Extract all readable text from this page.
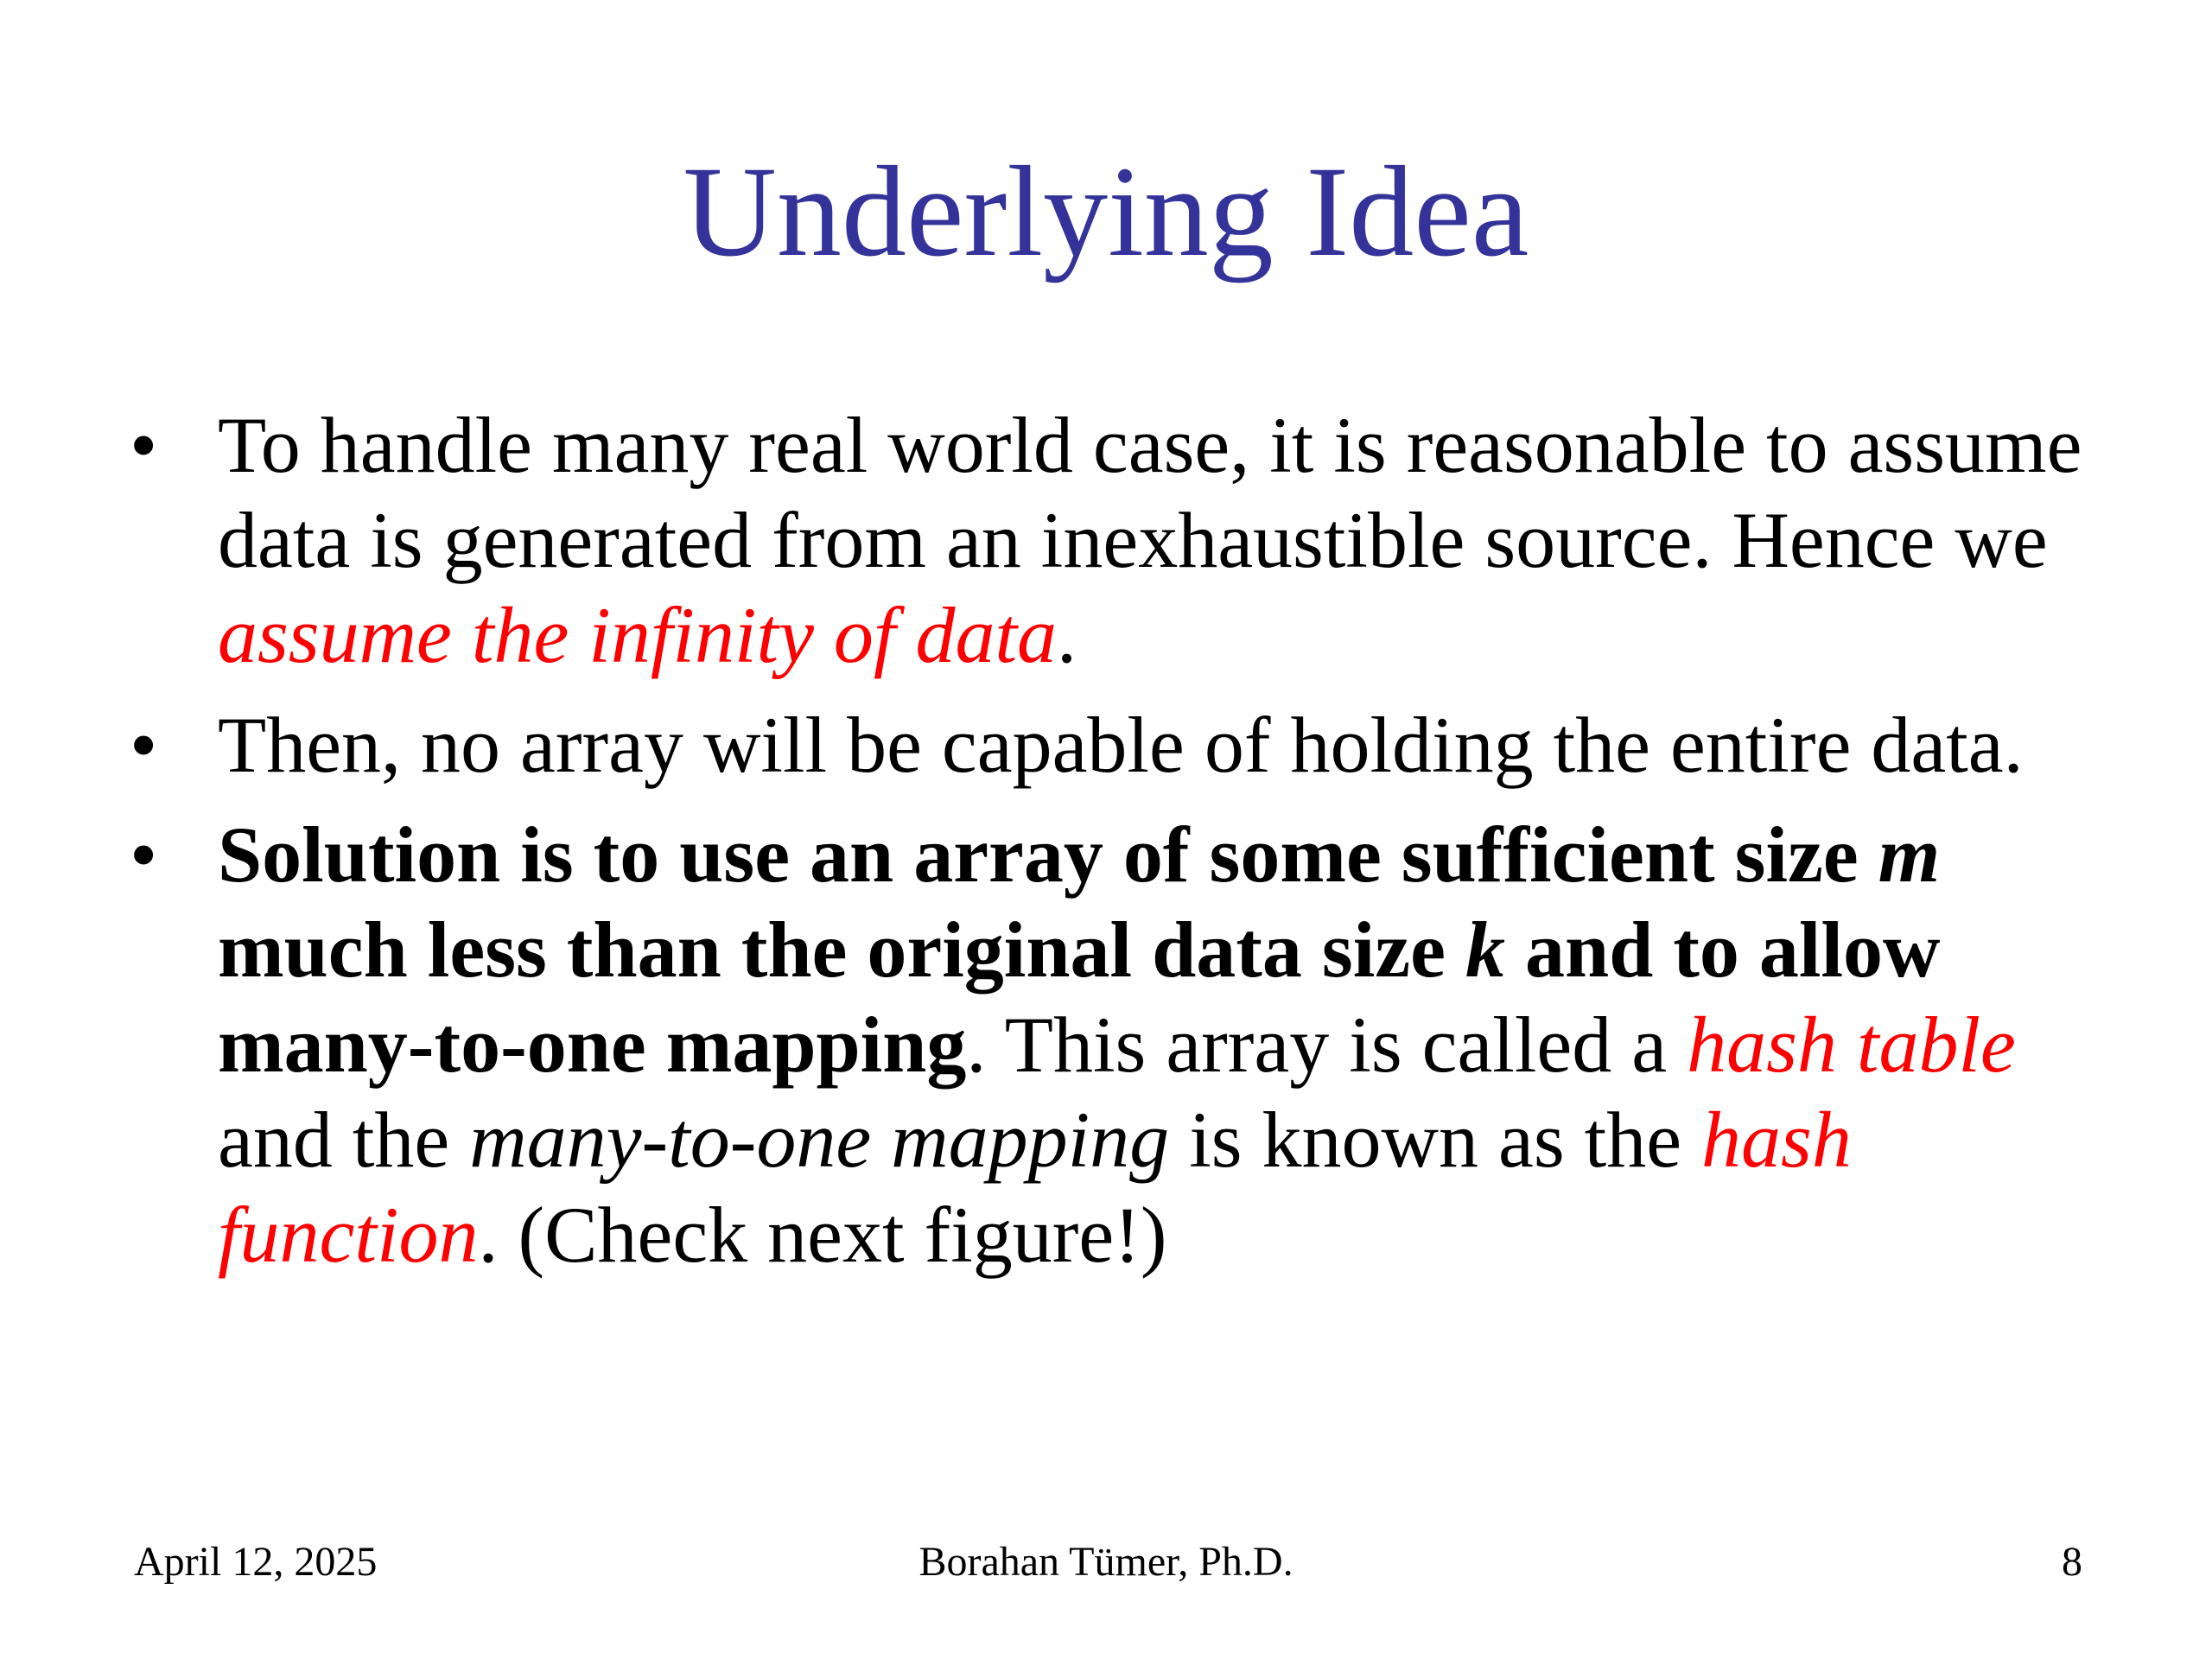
Underlying Idea
• To handle many real world case, it is reasonable to assume data is generated from an inexhaustible source. Hence we assume the infinity of data.
• Then, no array will be capable of holding the entire data.
• Solution is to use an array of some sufficient size m much less than the original data size k and to allow many-to-one mapping. This array is called a hash table and the many-to-one mapping is known as the hash function. (Check next figure!)
April 12, 2025	Borahan Tümer, Ph.D.	8
